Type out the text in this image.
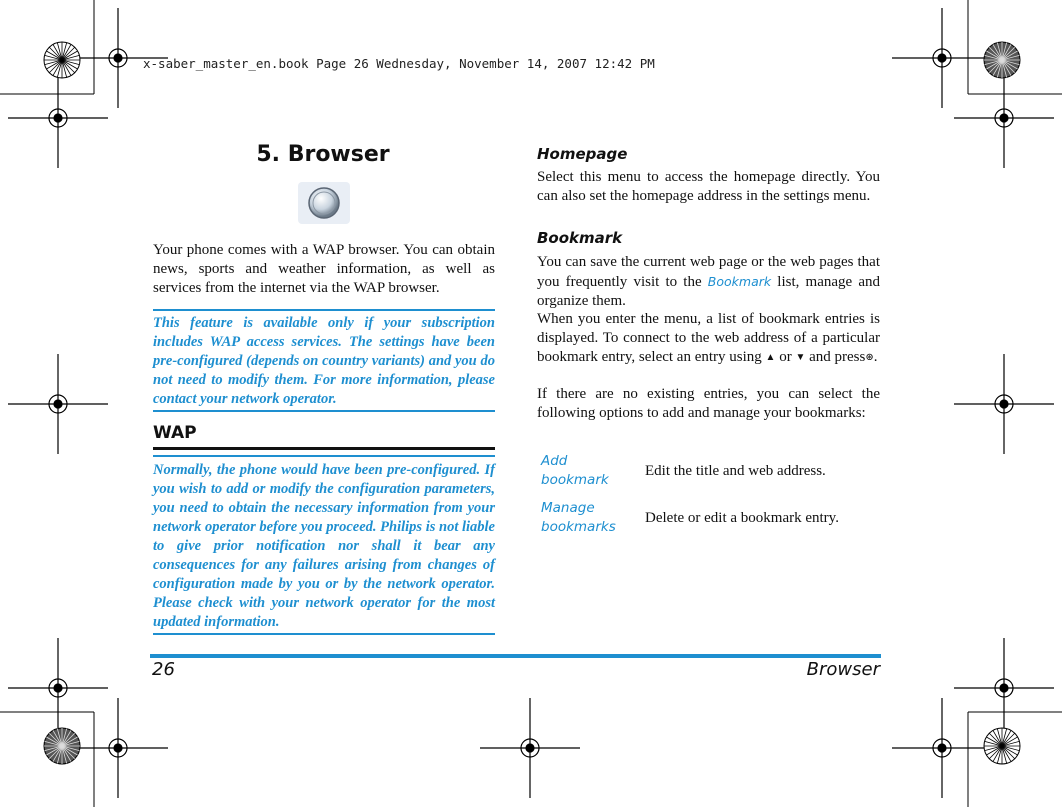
x-saber_master_en.book Page 26 Wednesday, November 14, 2007 12:42 PM
5. Browser
Your phone comes with a WAP browser. You can obtain news, sports and weather information, as well as services from the internet via the WAP browser.
This feature is available only if your subscription includes WAP access services. The settings have been pre-configured (depends on country variants) and you do not need to modify them. For more information, please contact your network operator.
WAP
Normally, the phone would have been pre-configured. If you wish to add or modify the configuration parameters, you need to obtain the necessary information from your network operator before you proceed. Philips is not liable to give prior notification nor shall it bear any consequences for any failures arising from changes of configuration made by you or by the network operator. Please check with your network operator for the most updated information.
Homepage
Select this menu to access the homepage directly. You can also set the homepage address in the settings menu.
Bookmark
You can save the current web page or the web pages that you frequently visit to the Bookmark list, manage and organize them.
When you enter the menu, a list of bookmark entries is displayed. To connect to the web address of a particular bookmark entry, select an entry using ▲ or ▼ and press⊛.
If there are no existing entries, you can select the following options to add and manage your bookmarks:
Add
bookmark
Edit the title and web address.
Manage
bookmarks
Delete or edit a bookmark entry.
26	Browser
